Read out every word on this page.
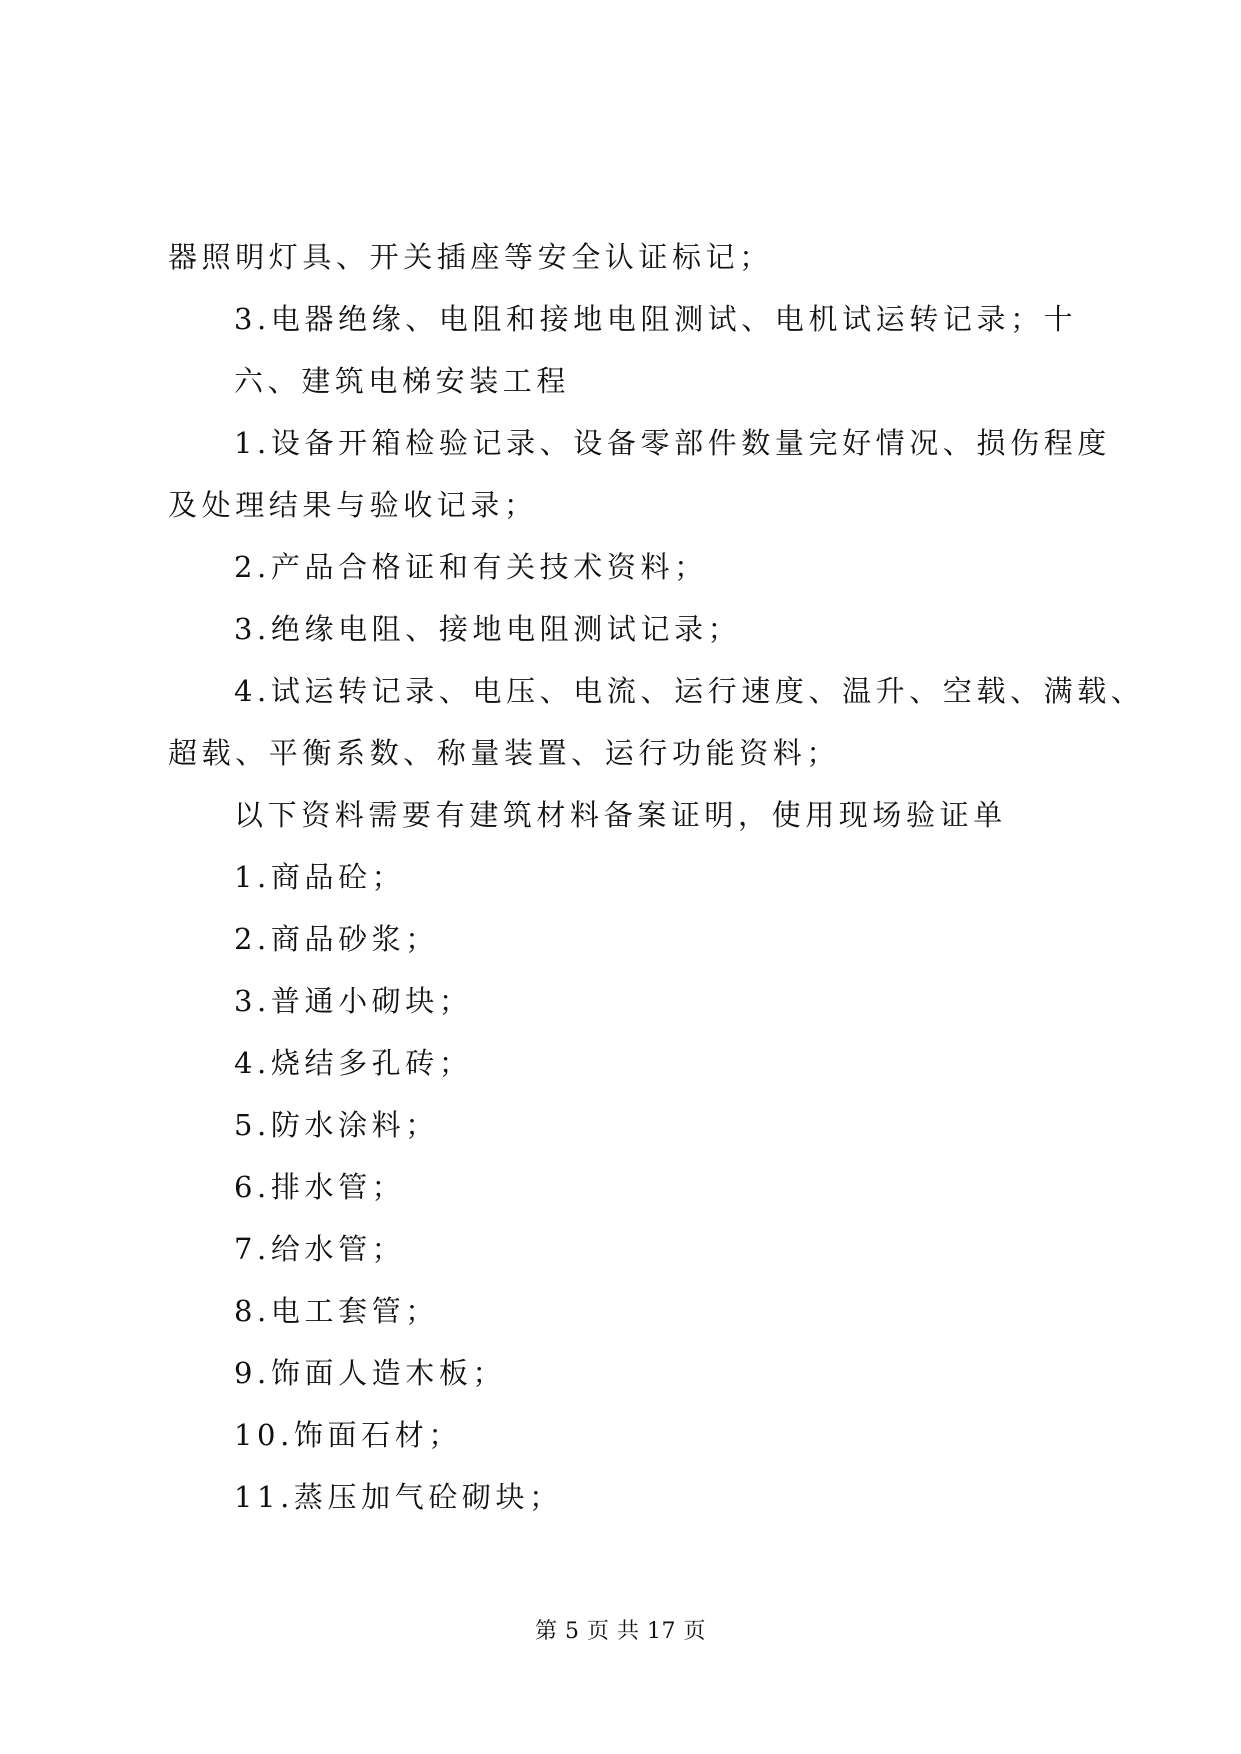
器照明灯具、开关插座等安全认证标记；
3.电器绝缘、电阻和接地电阻测试、电机试运转记录；十
六、建筑电梯安装工程
1.设备开箱检验记录、设备零部件数量完好情况、损伤程度
及处理结果与验收记录；
2.产品合格证和有关技术资料；
3.绝缘电阻、接地电阻测试记录；
4.试运转记录、电压、电流、运行速度、温升、空载、满载、
超载、平衡系数、称量装置、运行功能资料；
以下资料需要有建筑材料备案证明，使用现场验证单
1.商品砼；
2.商品砂浆；
3.普通小砌块；
4.烧结多孔砖；
5.防水涂料；
6.排水管；
7.给水管；
8.电工套管；
9.饰面人造木板；
10.饰面石材；
11.蒸压加气砼砌块；
第 5 页 共 17 页
